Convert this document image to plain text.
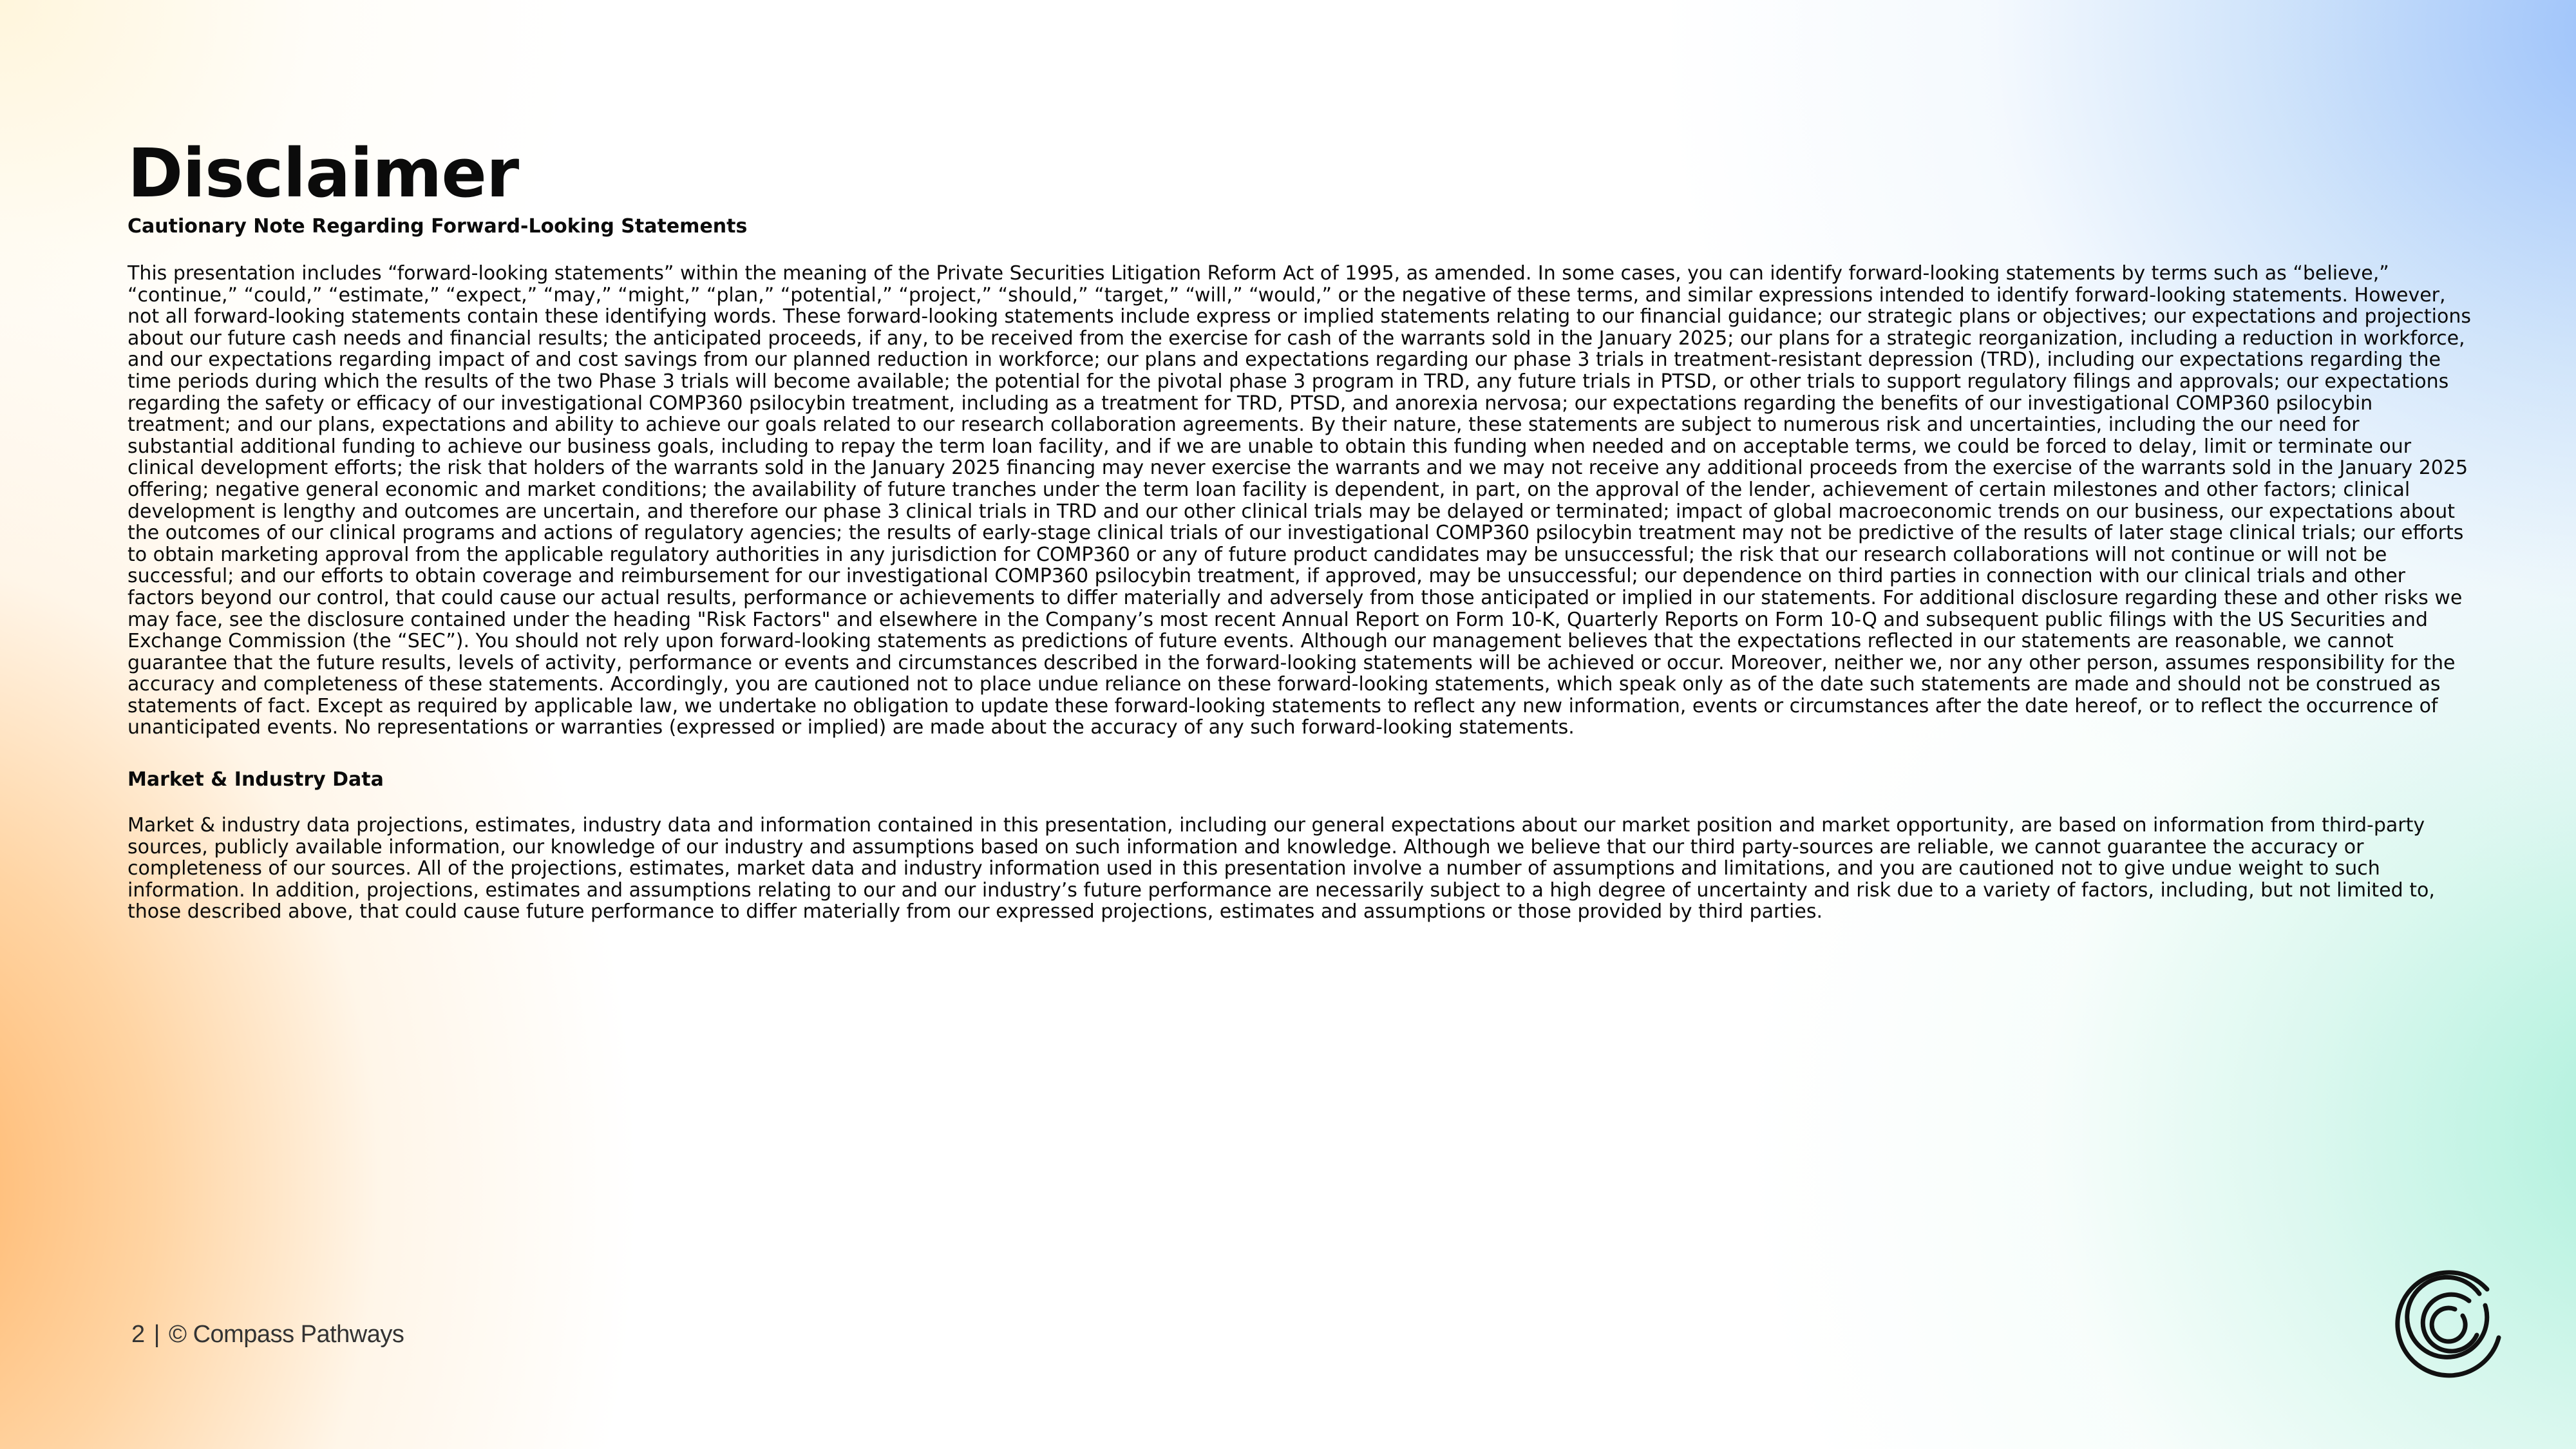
Disclaimer

Cautionary Note Regarding Forward-Looking Statements

This presentation includes “forward-looking statements” within the meaning of the Private Securities Litigation Reform Act of 1995, as amended. In some cases, you can identify forward-looking statements by terms such as “believe,” “continue,” “could,” “estimate,” “expect,” “may,” “might,” “plan,” “potential,” “project,” “should,” “target,” “will,” “would,” or the negative of these terms, and similar expressions intended to identify forward-looking statements. However, not all forward-looking statements contain these identifying words. These forward-looking statements include express or implied statements relating to our financial guidance; our strategic plans or objectives; our expectations and projections about our future cash needs and financial results; the anticipated proceeds, if any, to be received from the exercise for cash of the warrants sold in the January 2025; our plans for a strategic reorganization, including a reduction in workforce, and our expectations regarding impact of and cost savings from our planned reduction in workforce; our plans and expectations regarding our phase 3 trials in treatment-resistant depression (TRD), including our expectations regarding the time periods during which the results of the two Phase 3 trials will become available; the potential for the pivotal phase 3 program in TRD, any future trials in PTSD, or other trials to support regulatory filings and approvals; our expectations regarding the safety or efficacy of our investigational COMP360 psilocybin treatment, including as a treatment for TRD, PTSD, and anorexia nervosa; our expectations regarding the benefits of our investigational COMP360 psilocybin treatment; and our plans, expectations and ability to achieve our goals related to our research collaboration agreements. By their nature, these statements are subject to numerous risk and uncertainties, including the our need for substantial additional funding to achieve our business goals, including to repay the term loan facility, and if we are unable to obtain this funding when needed and on acceptable terms, we could be forced to delay, limit or terminate our clinical development efforts; the risk that holders of the warrants sold in the January 2025 financing may never exercise the warrants and we may not receive any additional proceeds from the exercise of the warrants sold in the January 2025 offering; negative general economic and market conditions; the availability of future tranches under the term loan facility is dependent, in part, on the approval of the lender, achievement of certain milestones and other factors; clinical development is lengthy and outcomes are uncertain, and therefore our phase 3 clinical trials in TRD and our other clinical trials may be delayed or terminated; impact of global macroeconomic trends on our business, our expectations about the outcomes of our clinical programs and actions of regulatory agencies; the results of early-stage clinical trials of our investigational COMP360 psilocybin treatment may not be predictive of the results of later stage clinical trials; our efforts to obtain marketing approval from the applicable regulatory authorities in any jurisdiction for COMP360 or any of future product candidates may be unsuccessful; the risk that our research collaborations will not continue or will not be successful; and our efforts to obtain coverage and reimbursement for our investigational COMP360 psilocybin treatment, if approved, may be unsuccessful; our dependence on third parties in connection with our clinical trials and other factors beyond our control, that could cause our actual results, performance or achievements to differ materially and adversely from those anticipated or implied in our statements. For additional disclosure regarding these and other risks we may face, see the disclosure contained under the heading "Risk Factors" and elsewhere in the Company’s most recent Annual Report on Form 10-K, Quarterly Reports on Form 10-Q and subsequent public filings with the US Securities and Exchange Commission (the “SEC”). You should not rely upon forward-looking statements as predictions of future events. Although our management believes that the expectations reflected in our statements are reasonable, we cannot guarantee that the future results, levels of activity, performance or events and circumstances described in the forward-looking statements will be achieved or occur. Moreover, neither we, nor any other person, assumes responsibility for the accuracy and completeness of these statements. Accordingly, you are cautioned not to place undue reliance on these forward-looking statements, which speak only as of the date such statements are made and should not be construed as statements of fact. Except as required by applicable law, we undertake no obligation to update these forward-looking statements to reflect any new information, events or circumstances after the date hereof, or to reflect the occurrence of unanticipated events. No representations or warranties (expressed or implied) are made about the accuracy of any such forward-looking statements.

Market & Industry Data

Market & industry data projections, estimates, industry data and information contained in this presentation, including our general expectations about our market position and market opportunity, are based on information from third-party sources, publicly available information, our knowledge of our industry and assumptions based on such information and knowledge. Although we believe that our third party-sources are reliable, we cannot guarantee the accuracy or completeness of our sources. All of the projections, estimates, market data and industry information used in this presentation involve a number of assumptions and limitations, and you are cautioned not to give undue weight to such information. In addition, projections, estimates and assumptions relating to our and our industry’s future performance are necessarily subject to a high degree of uncertainty and risk due to a variety of factors, including, but not limited to, those described above, that could cause future performance to differ materially from our expressed projections, estimates and assumptions or those provided by third parties.

2 | © Compass Pathways
